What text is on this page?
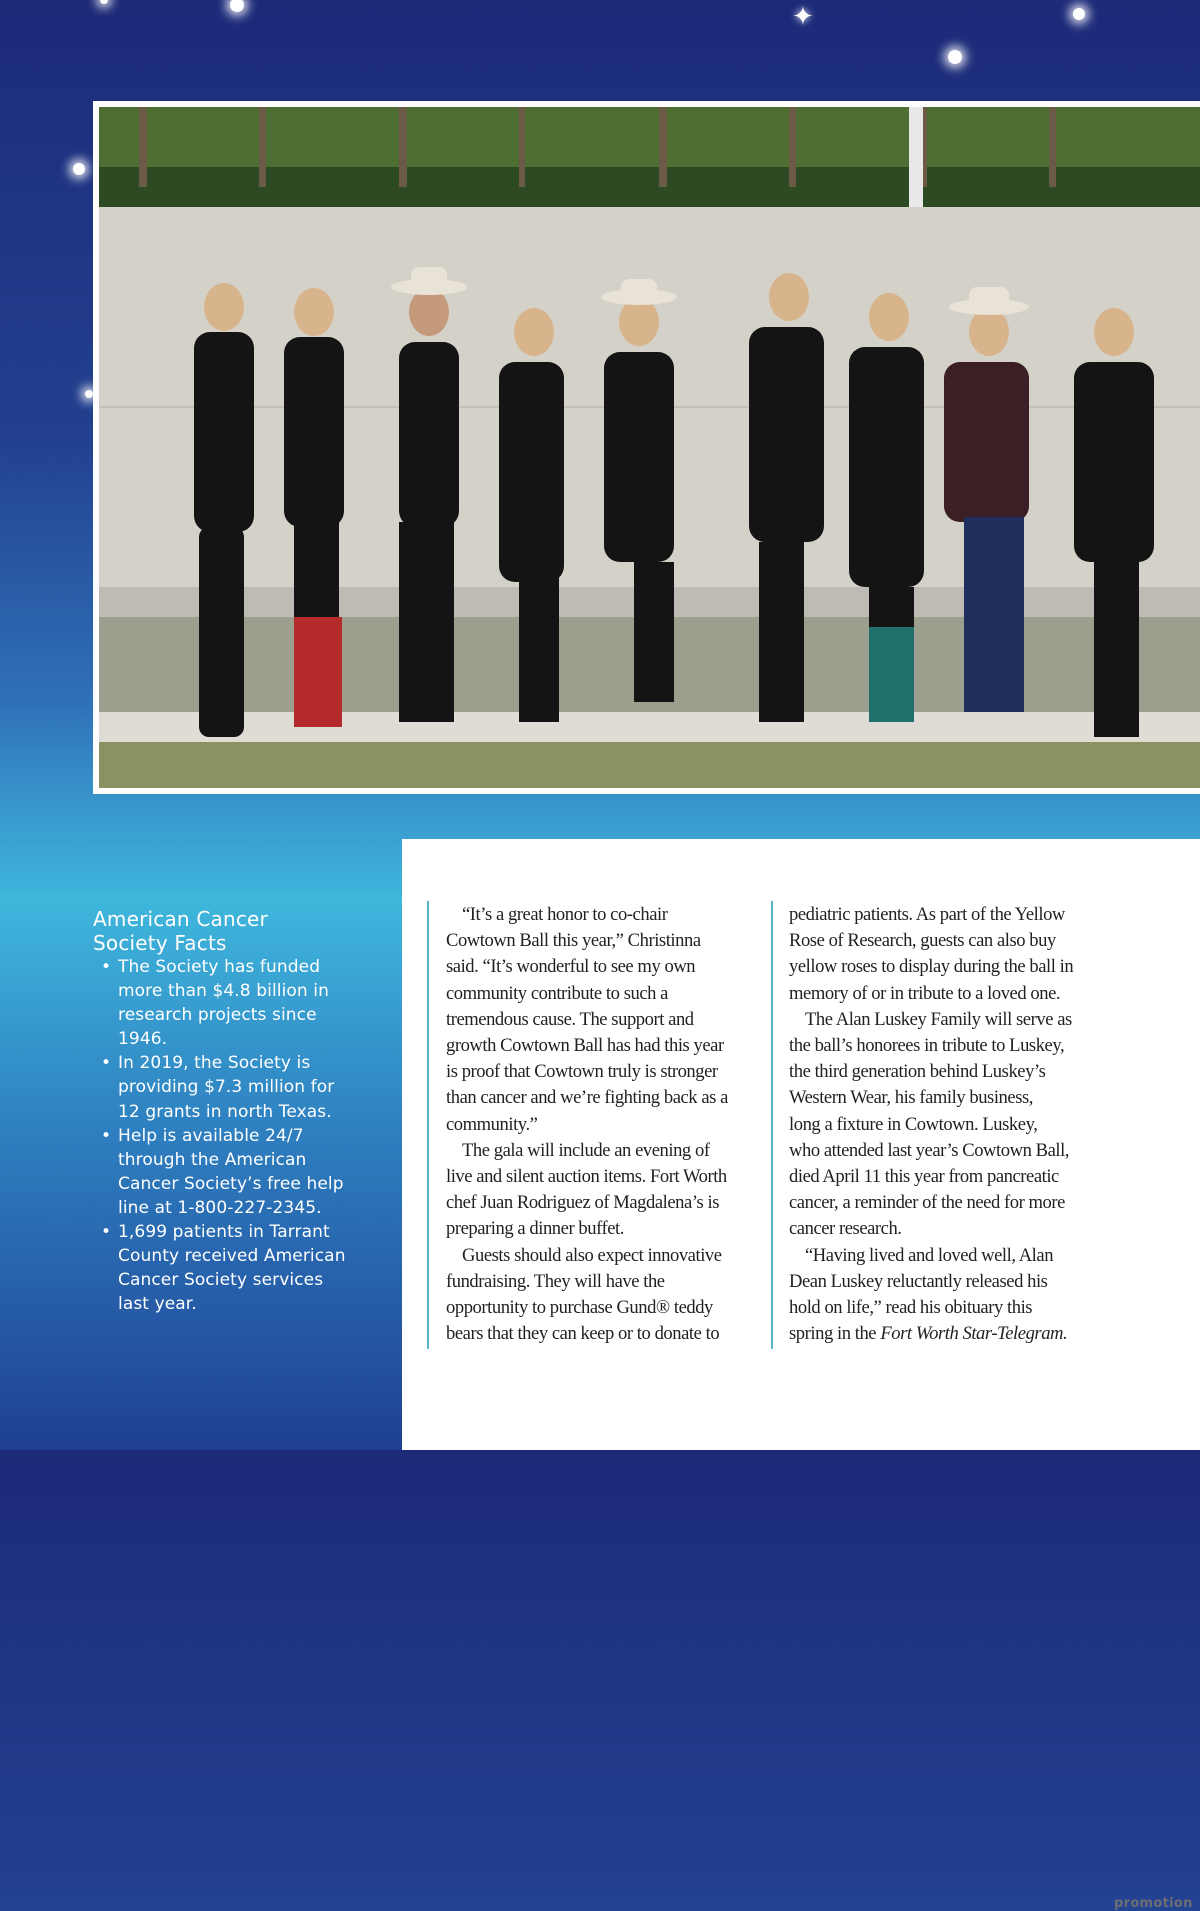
✦
American Cancer
Society Facts
• The Society has funded
more than $4.8 billion in
research projects since
1946.
• In 2019, the Society is
providing $7.3 million for
12 grants in north Texas.
• Help is available 24/7
through the American
Cancer Society’s free help
line at 1-800-227-2345.
• 1,699 patients in Tarrant
County received American
Cancer Society services
last year.

“It’s a great honor to co-chair
Cowtown Ball this year,” Christinna
said. “It’s wonderful to see my own
community contribute to such a
tremendous cause. The support and
growth Cowtown Ball has had this year
is proof that Cowtown truly is stronger
than cancer and we’re fighting back as a
community.”

The gala will include an evening of
live and silent auction items. Fort Worth
chef Juan Rodriguez of Magdalena’s is
preparing a dinner buffet.

Guests should also expect innovative
fundraising. They will have the
opportunity to purchase Gund® teddy
bears that they can keep or to donate to

pediatric patients. As part of the Yellow
Rose of Research, guests can also buy
yellow roses to display during the ball in
memory of or in tribute to a loved one.

The Alan Luskey Family will serve as
the ball’s honorees in tribute to Luskey,
the third generation behind Luskey’s
Western Wear, his family business,
long a fixture in Cowtown. Luskey,
who attended last year’s Cowtown Ball,
died April 11 this year from pancreatic
cancer, a reminder of the need for more
cancer research.

“Having lived and loved well, Alan
Dean Luskey reluctantly released his
hold on life,” read his obituary this
spring in the Fort Worth Star-Telegram.

promotion
